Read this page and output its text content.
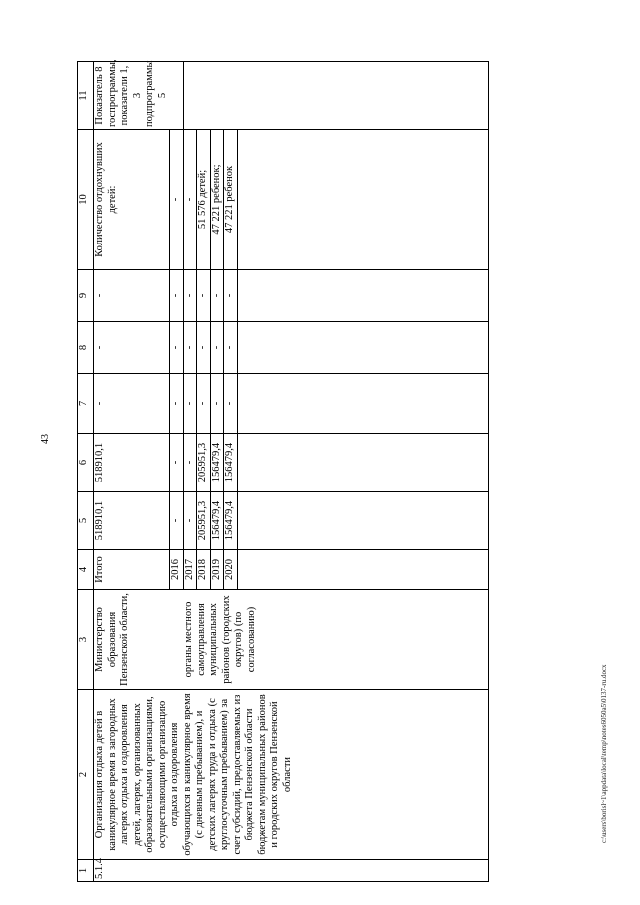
43
1	2	3	4	5	6	7	8	9	10	11
5.1.4	Организация отдыха детей в каникулярное время в загородных лагерях отдыха и оздоровления детей, лагерях, организованных образовательными организациями, осуществляющими организацию отдыха и оздоровления обучающихся в каникулярное время (с дневным пребыванием), и детских лагерях труда и отдыха (с круглосуточным пребыванием) за счет субсидий, предоставляемых из бюджета Пензенской области бюджетам муниципальных районов и городских округов Пензенской области	Министерство образования Пензенской области,	Итого	518910,1	518910,1	-	-	-	Количество отдохнувших детей:	Показатель 8 госпрограммы, показатели 1, 3 подпрограммы 5
			2016	-	-	-	-	-	-	
		органы местного самоуправления муниципальных районов (городских округов) (по согласованию)	2017	-	-	-	-	-	-	
			2018	205951,3	205951,3	-	-	-	51 576 детей;	
			2019	156479,4	156479,4	-	-	-	47 221 ребенок;	
			2020	156479,4	156479,4	-	-	-	47 221 ребенок	

c:\users\borisl~1\appdata\local\temp\notes6050a5\0137-ru.docx
